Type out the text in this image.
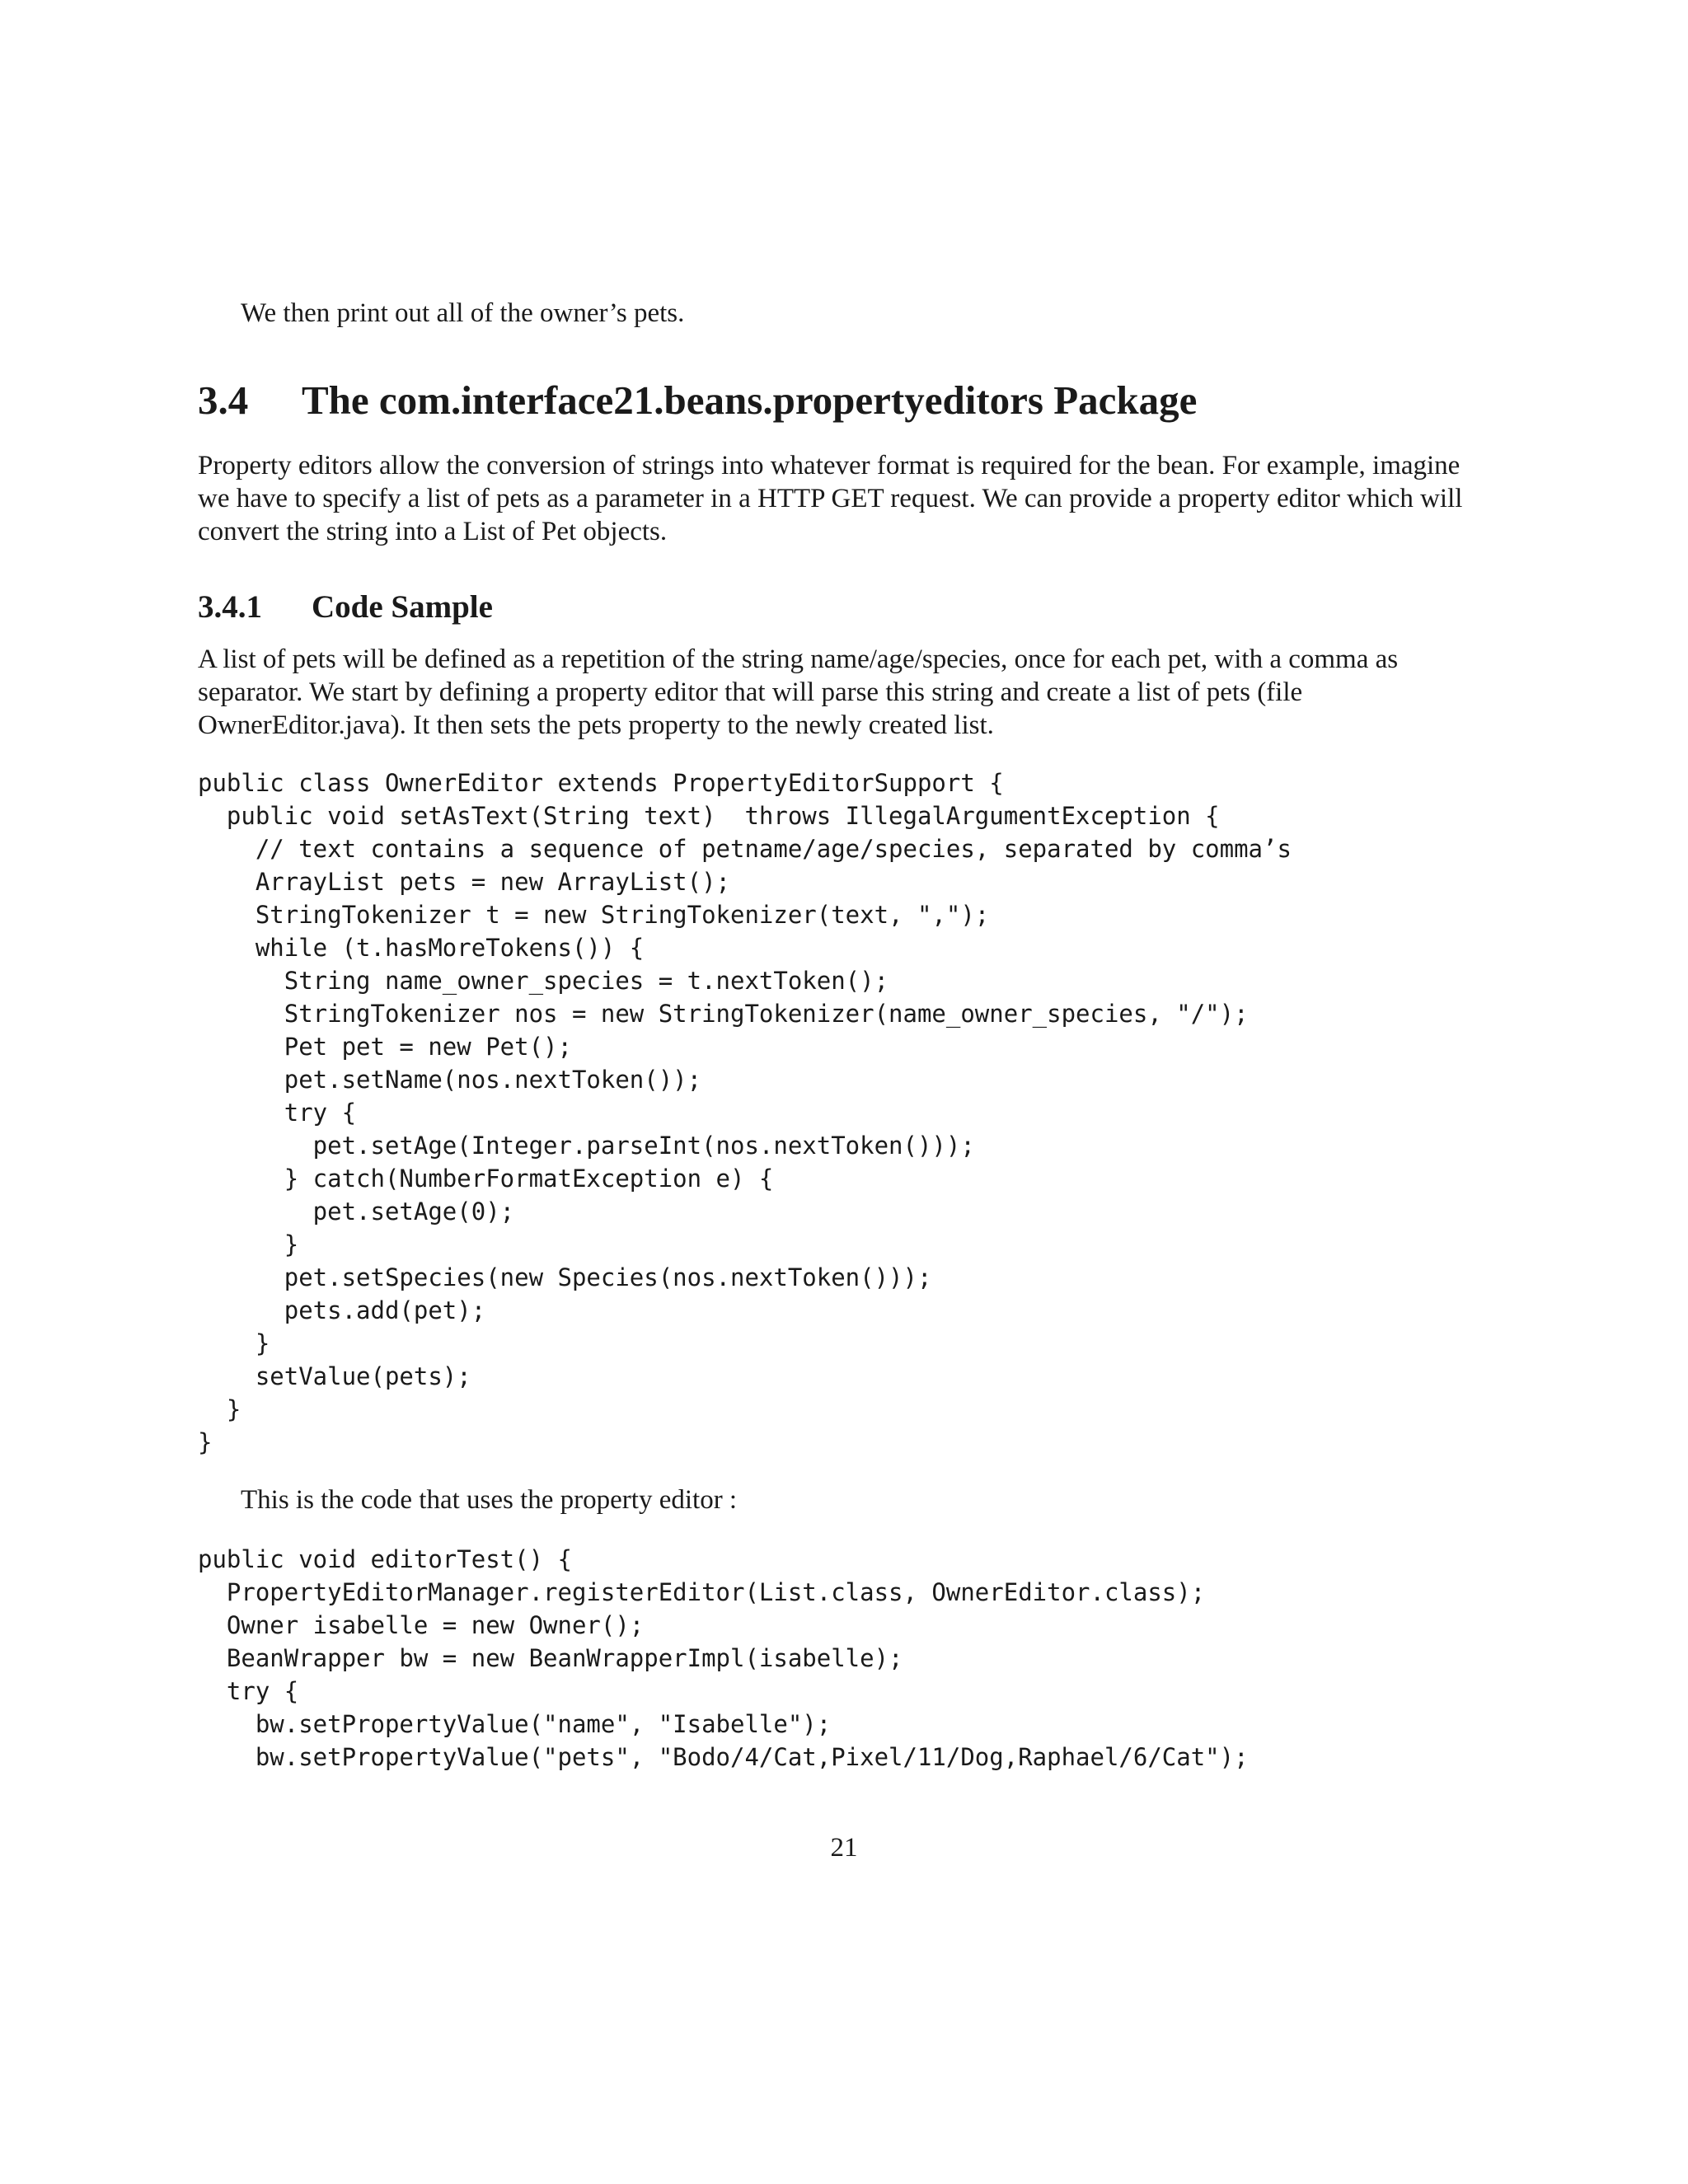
We then print out all of the owner’s pets.

3.4 The com.interface21.beans.propertyeditors Package

Property editors allow the conversion of strings into whatever format is required for the bean. For example, imagine we have to specify a list of pets as a parameter in a HTTP GET request. We can provide a property editor which will convert the string into a List of Pet objects.

3.4.1 Code Sample

A list of pets will be defined as a repetition of the string name/age/species, once for each pet, with a comma as separator. We start by defining a property editor that will parse this string and create a list of pets (file OwnerEditor.java). It then sets the pets property to the newly created list.

public class OwnerEditor extends PropertyEditorSupport {
public void setAsText(String text)  throws IllegalArgumentException {
// text contains a sequence of petname/age/species, separated by comma’s
ArrayList pets = new ArrayList();
StringTokenizer t = new StringTokenizer(text, ",");
while (t.hasMoreTokens()) {
String name_owner_species = t.nextToken();
StringTokenizer nos = new StringTokenizer(name_owner_species, "/");
Pet pet = new Pet();
pet.setName(nos.nextToken());
try {
pet.setAge(Integer.parseInt(nos.nextToken()));
} catch(NumberFormatException e) {
pet.setAge(0);
}
pet.setSpecies(new Species(nos.nextToken()));
pets.add(pet);
}
setValue(pets);
}
}

This is the code that uses the property editor :

public void editorTest() {
PropertyEditorManager.registerEditor(List.class, OwnerEditor.class);
Owner isabelle = new Owner();
BeanWrapper bw = new BeanWrapperImpl(isabelle);
try {
bw.setPropertyValue("name", "Isabelle");
bw.setPropertyValue("pets", "Bodo/4/Cat,Pixel/11/Dog,Raphael/6/Cat");

21
